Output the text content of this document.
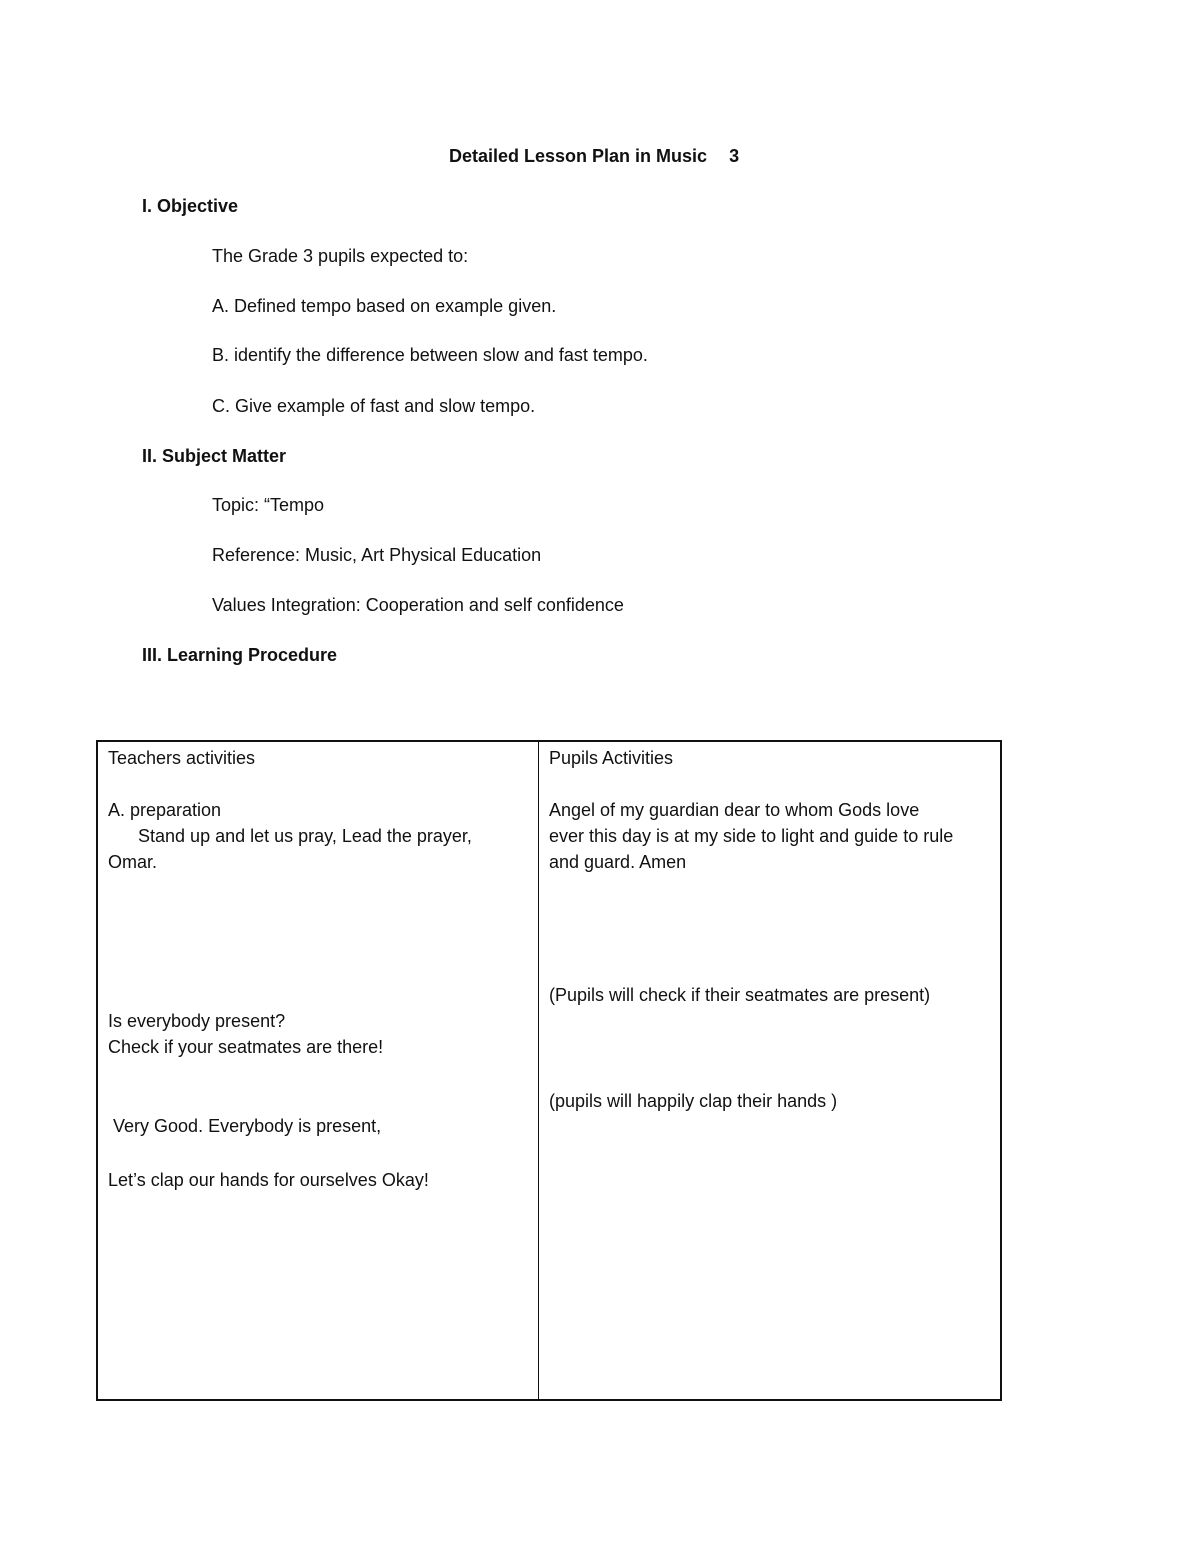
Detailed Lesson Plan in Music 3
I. Objective
The Grade 3 pupils expected to:
A. Defined tempo based on example given.
B. identify the difference between slow and fast tempo.
C. Give example of fast and slow tempo.
II. Subject Matter
Topic: “Tempo
Reference: Music, Art Physical Education
Values Integration: Cooperation and self confidence
III. Learning Procedure
Teachers activities
A. preparation
Stand up and let us pray, Lead the prayer,
Omar.
Is everybody present?
Check if your seatmates are there!
Very Good. Everybody is present,
Let’s clap our hands for ourselves Okay!
Pupils Activities
Angel of my guardian dear to whom Gods love
ever this day is at my side to light and guide to rule
and guard. Amen
(Pupils will check if their seatmates are present)
(pupils will happily clap their hands )
